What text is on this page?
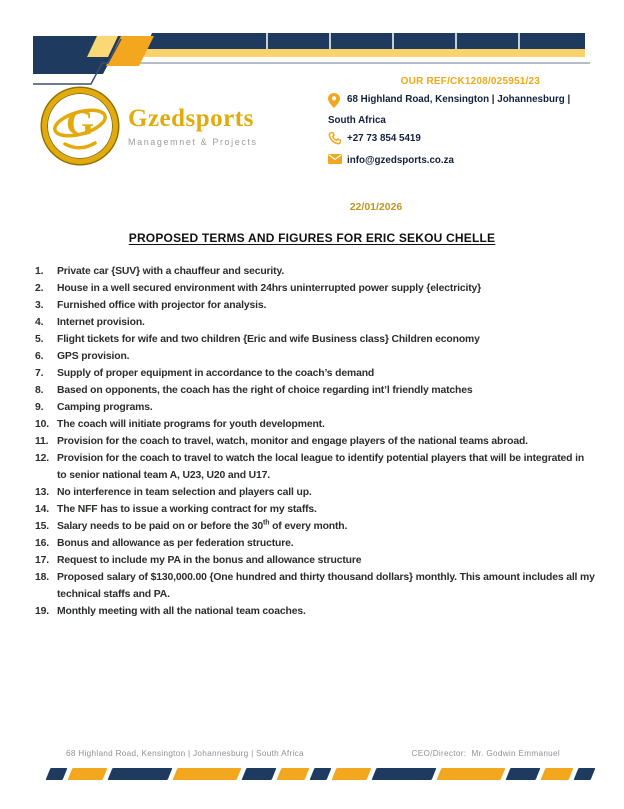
OUR REF/CK1208/025951/23
G Gzedsports
Managemnet & Projects
68 Highland Road, Kensington | Johannesburg |
South Africa
+27 73 854 5419
info@gzedsports.co.za
22/01/2026
PROPOSED TERMS AND FIGURES FOR ERIC SEKOU CHELLE
1.	Private car {SUV} with a chauffeur and security.
2.	House in a well secured environment with 24hrs uninterrupted power supply {electricity}
3.	Furnished office with projector for analysis.
4.	Internet provision.
5.	Flight tickets for wife and two children {Eric and wife Business class} Children economy
6.	GPS provision.
7.	Supply of proper equipment in accordance to the coach’s demand
8.	Based on opponents, the coach has the right of choice regarding int’l friendly matches
9.	Camping programs.
10. The coach will initiate programs for youth development.
11. Provision for the coach to travel, watch, monitor and engage players of the national teams abroad.
12. Provision for the coach to travel to watch the local league to identify potential players that will be integrated in to senior national team A, U23, U20 and U17.
13. No interference in team selection and players call up.
14. The NFF has to issue a working contract for my staffs.
15. Salary needs to be paid on or before the 30th of every month.
16. Bonus and allowance as per federation structure.
17. Request to include my PA in the bonus and allowance structure
18. Proposed salary of $130,000.00 {One hundred and thirty thousand dollars} monthly. This amount includes all my technical staffs and PA.
19. Monthly meeting with all the national team coaches.
68 Highland Road, Kensington | Johannesburg | South Africa	CEO/Director:  Mr. Godwin Emmanuel
